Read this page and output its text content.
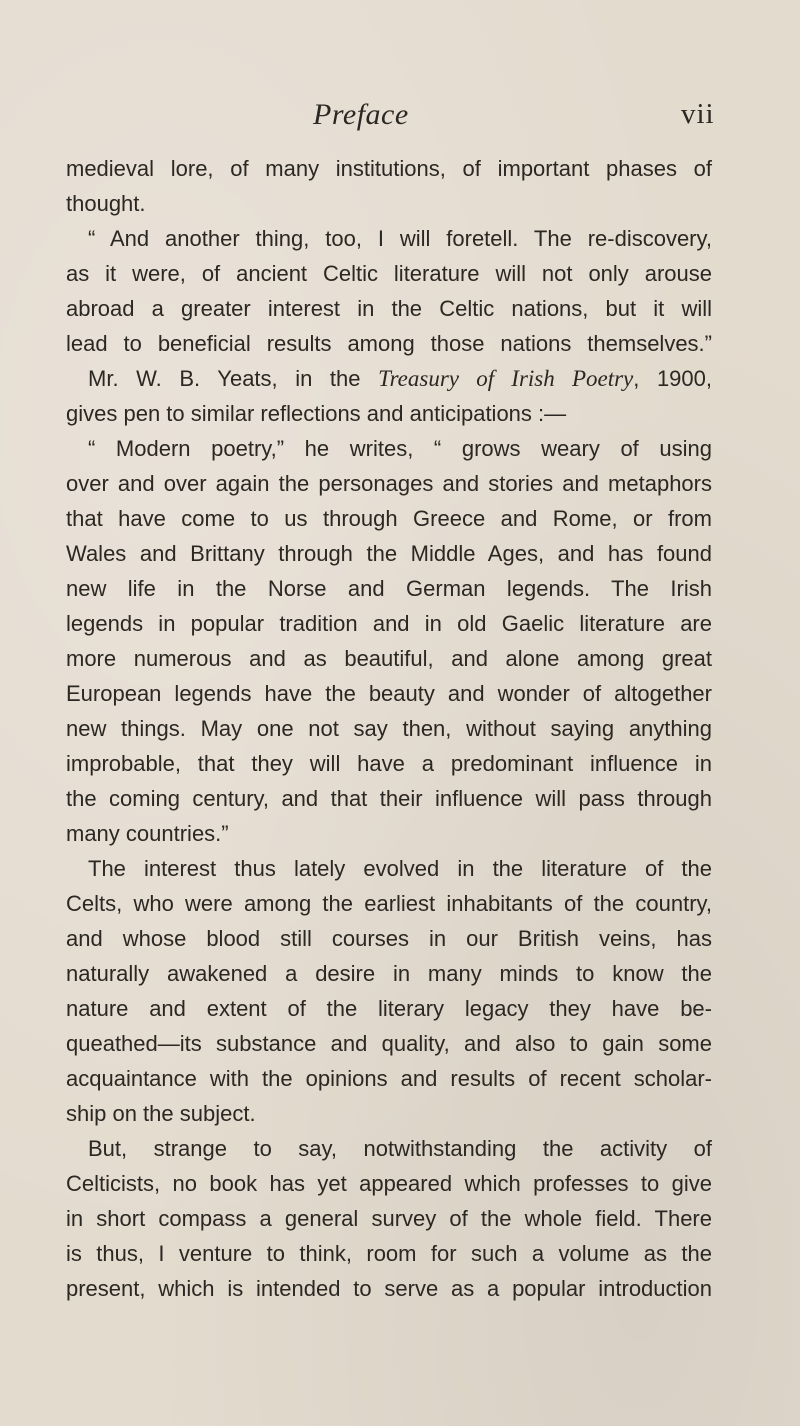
Preface	vii
medieval lore, of many institutions, of important phases of
thought.
“ And another thing, too, I will foretell. The re-discovery,
as it were, of ancient Celtic literature will not only arouse
abroad a greater interest in the Celtic nations, but it will
lead to beneficial results among those nations themselves.”
Mr. W. B. Yeats, in the Treasury of Irish Poetry, 1900,
gives pen to similar reflections and anticipations :—
“ Modern poetry,” he writes, “ grows weary of using
over and over again the personages and stories and metaphors
that have come to us through Greece and Rome, or from
Wales and Brittany through the Middle Ages, and has found
new life in the Norse and German legends. The Irish
legends in popular tradition and in old Gaelic literature are
more numerous and as beautiful, and alone among great
European legends have the beauty and wonder of altogether
new things. May one not say then, without saying anything
improbable, that they will have a predominant influence in
the coming century, and that their influence will pass through
many countries.”
The interest thus lately evolved in the literature of the
Celts, who were among the earliest inhabitants of the country,
and whose blood still courses in our British veins, has
naturally awakened a desire in many minds to know the
nature and extent of the literary legacy they have be-
queathed—its substance and quality, and also to gain some
acquaintance with the opinions and results of recent scholar-
ship on the subject.
But, strange to say, notwithstanding the activity of
Celticists, no book has yet appeared which professes to give
in short compass a general survey of the whole field. There
is thus, I venture to think, room for such a volume as the
present, which is intended to serve as a popular introduction
